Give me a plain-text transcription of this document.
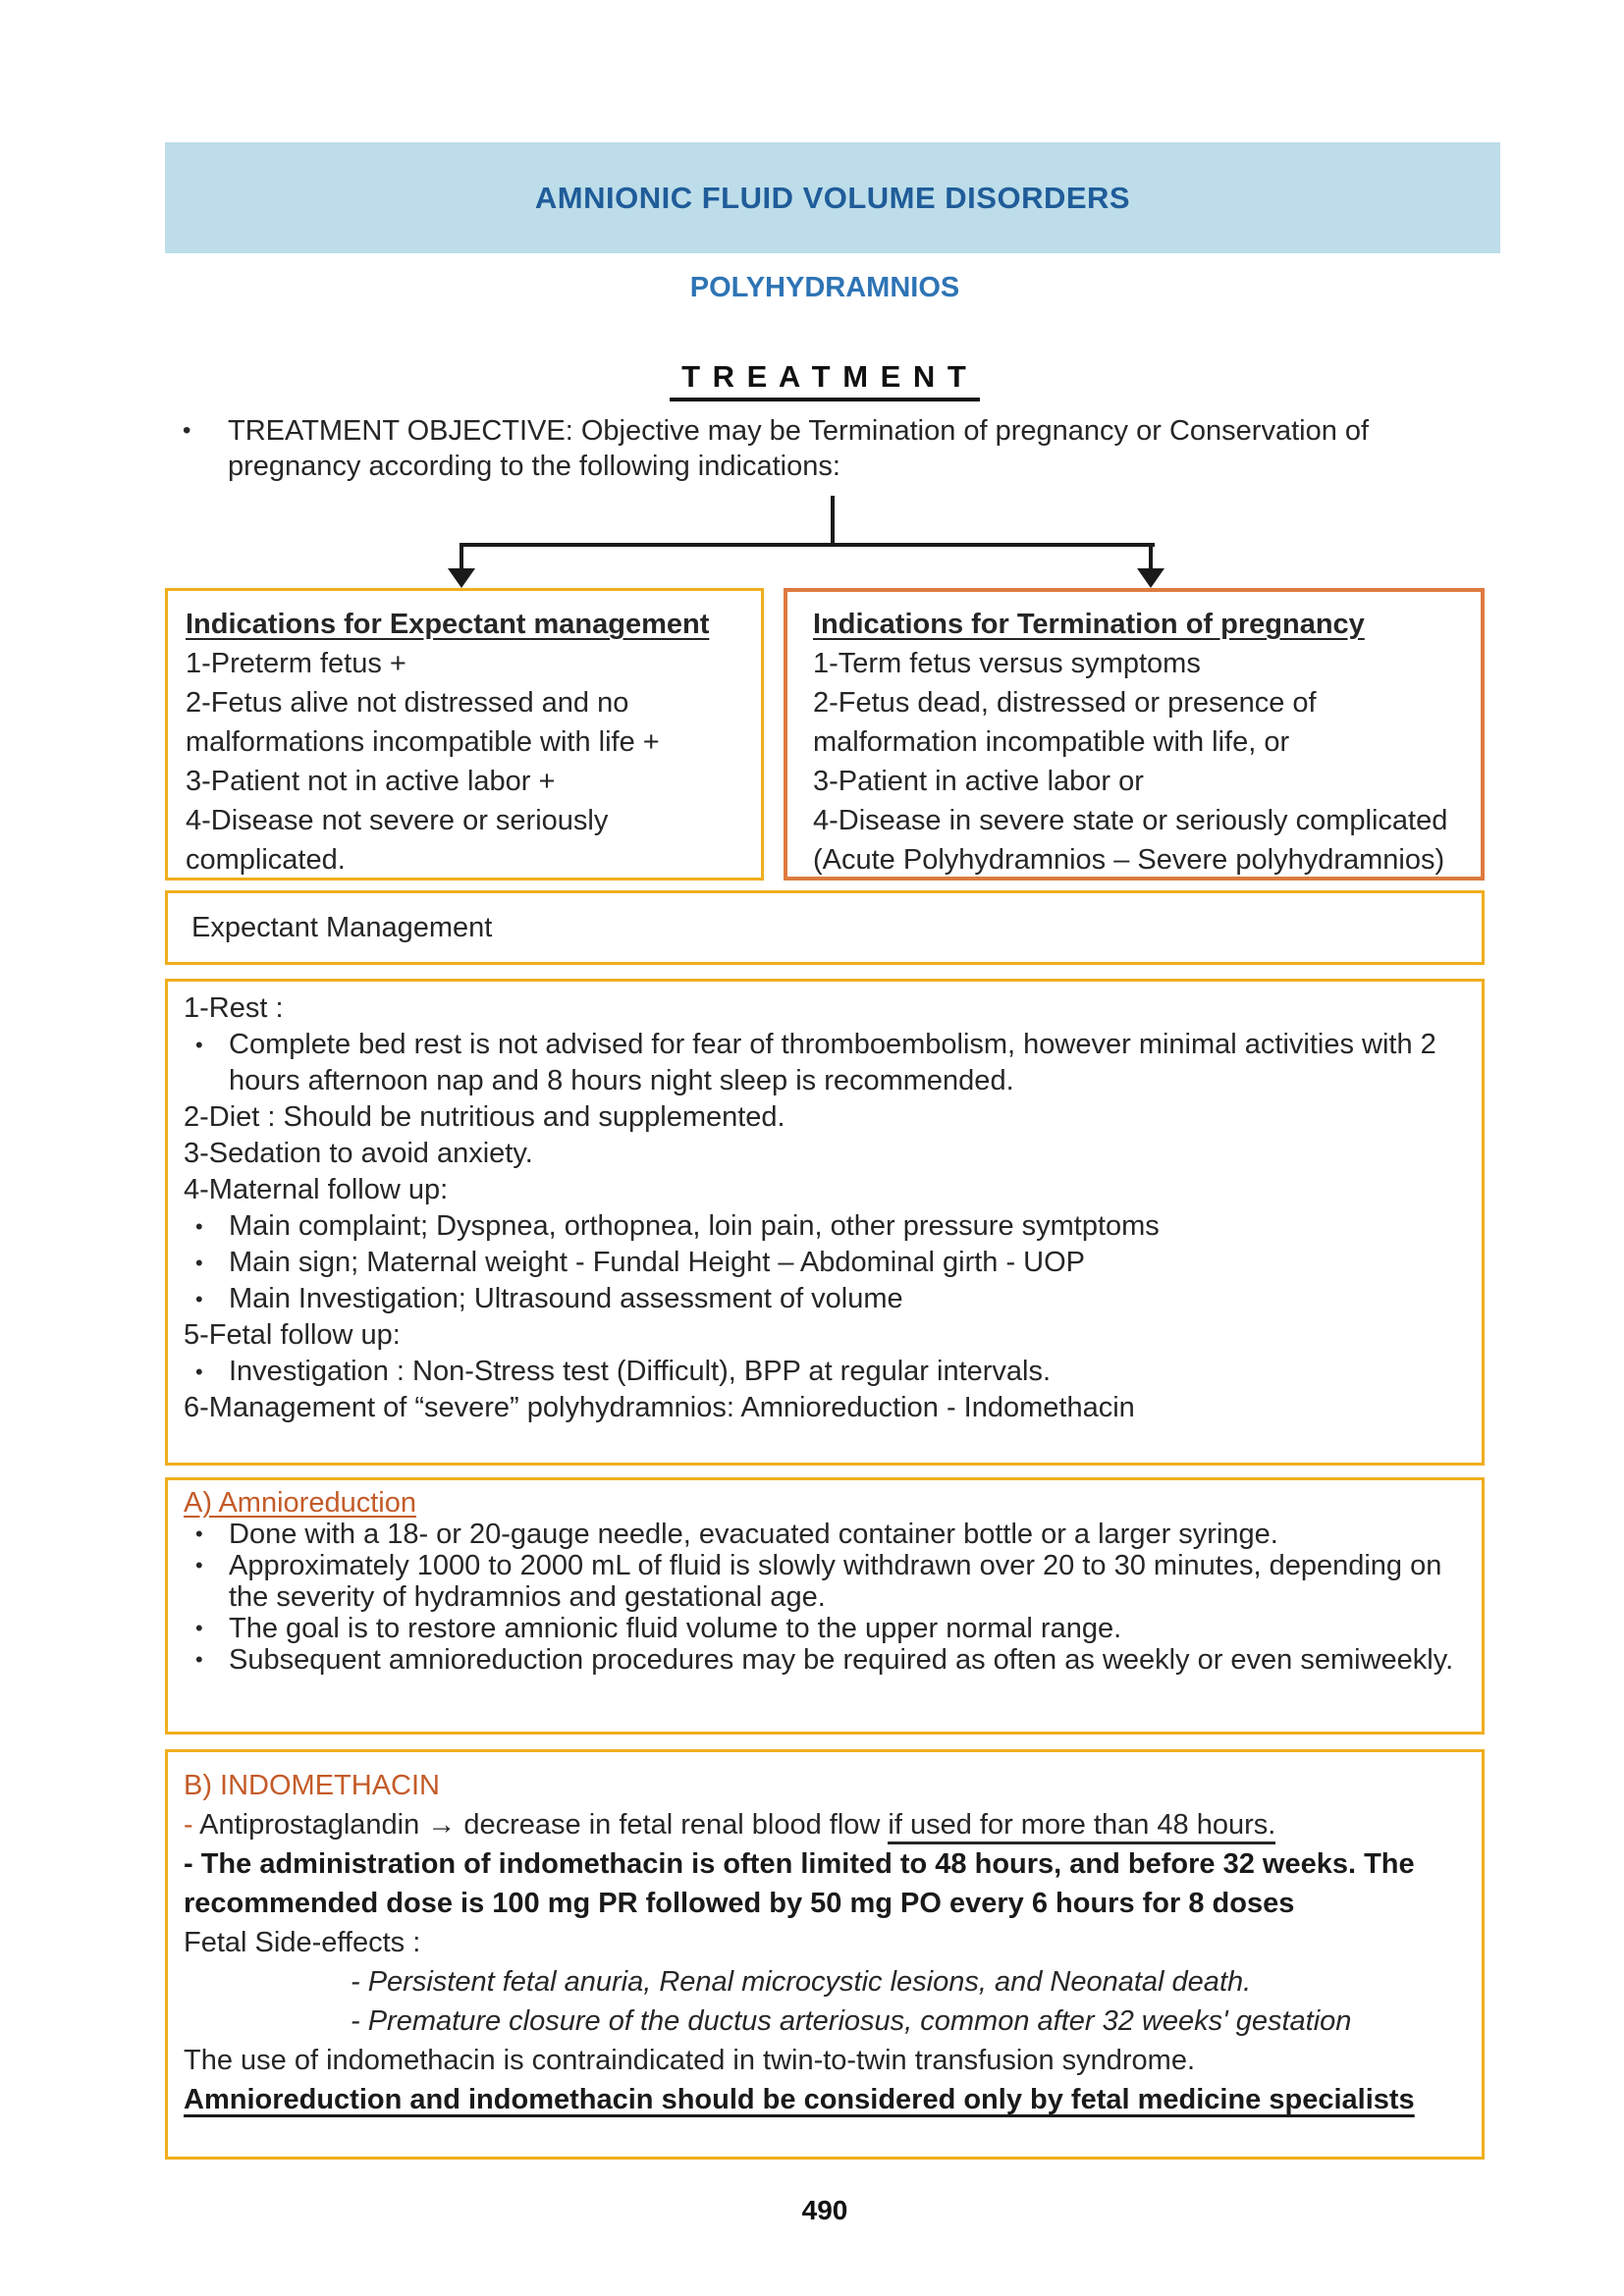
AMNIONIC FLUID VOLUME DISORDERS
POLYHYDRAMNIOS
T R E A T M E N T
•	TREATMENT OBJECTIVE: Objective may be Termination of pregnancy or Conservation of pregnancy according to the following indications:
Indications for Expectant management
1-Preterm fetus +
2-Fetus alive not distressed and no malformations incompatible with life +
3-Patient not in active labor +
4-Disease not severe or seriously complicated.
Indications for Termination of pregnancy
1-Term fetus versus symptoms
2-Fetus dead, distressed or presence of malformation incompatible with life, or
3-Patient in active labor or
4-Disease in severe state or seriously complicated (Acute Polyhydramnios – Severe polyhydramnios)
Expectant Management
1-Rest :
• Complete bed rest is not advised for fear of thromboembolism, however minimal activities with 2 hours afternoon nap and 8 hours night sleep is recommended.
2-Diet : Should be nutritious and supplemented.
3-Sedation to avoid anxiety.
4-Maternal follow up:
• Main complaint; Dyspnea, orthopnea, loin pain, other pressure symtptoms
• Main sign; Maternal weight - Fundal Height – Abdominal girth - UOP
• Main Investigation; Ultrasound assessment of volume
5-Fetal follow up:
• Investigation : Non-Stress test (Difficult), BPP at regular intervals.
6-Management of “severe” polyhydramnios: Amnioreduction - Indomethacin
A) Amnioreduction
• Done with a 18- or 20-gauge needle, evacuated container bottle or a larger syringe.
• Approximately 1000 to 2000 mL of fluid is slowly withdrawn over 20 to 30 minutes, depending on the severity of hydramnios and gestational age.
• The goal is to restore amnionic fluid volume to the upper normal range.
• Subsequent amnioreduction procedures may be required as often as weekly or even semiweekly.
B) INDOMETHACIN
- Antiprostaglandin → decrease in fetal renal blood flow if used for more than 48 hours.
- The administration of indomethacin is often limited to 48 hours, and before 32 weeks. The recommended dose is 100 mg PR followed by 50 mg PO every 6 hours for 8 doses
Fetal Side-effects :
- Persistent fetal anuria, Renal microcystic lesions, and Neonatal death.
- Premature closure of the ductus arteriosus, common after 32 weeks' gestation
The use of indomethacin is contraindicated in twin-to-twin transfusion syndrome.
Amnioreduction and indomethacin should be considered only by fetal medicine specialists
490
